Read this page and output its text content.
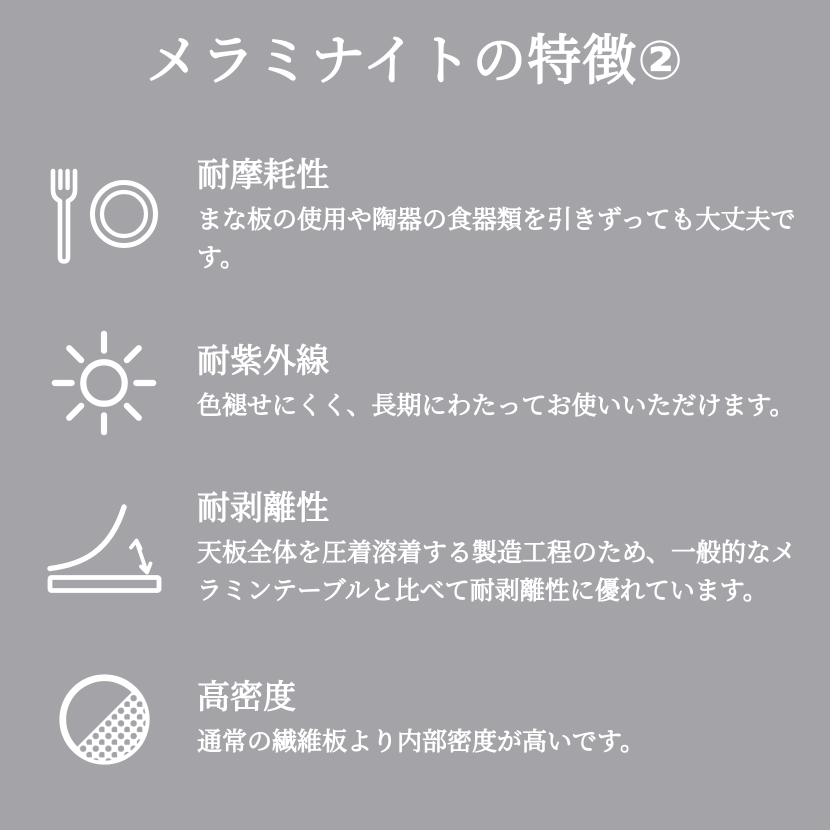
メラミナイトの特徴②
耐摩耗性

まな板の使用や陶器の食器類を引きずっても大丈夫です。

耐紫外線

色褪せにくく、長期にわたってお使いいただけます。

耐剥離性

天板全体を圧着溶着する製造工程のため、一般的なメラミンテーブルと比べて耐剥離性に優れています。

高密度

通常の繊維板より内部密度が高いです。
